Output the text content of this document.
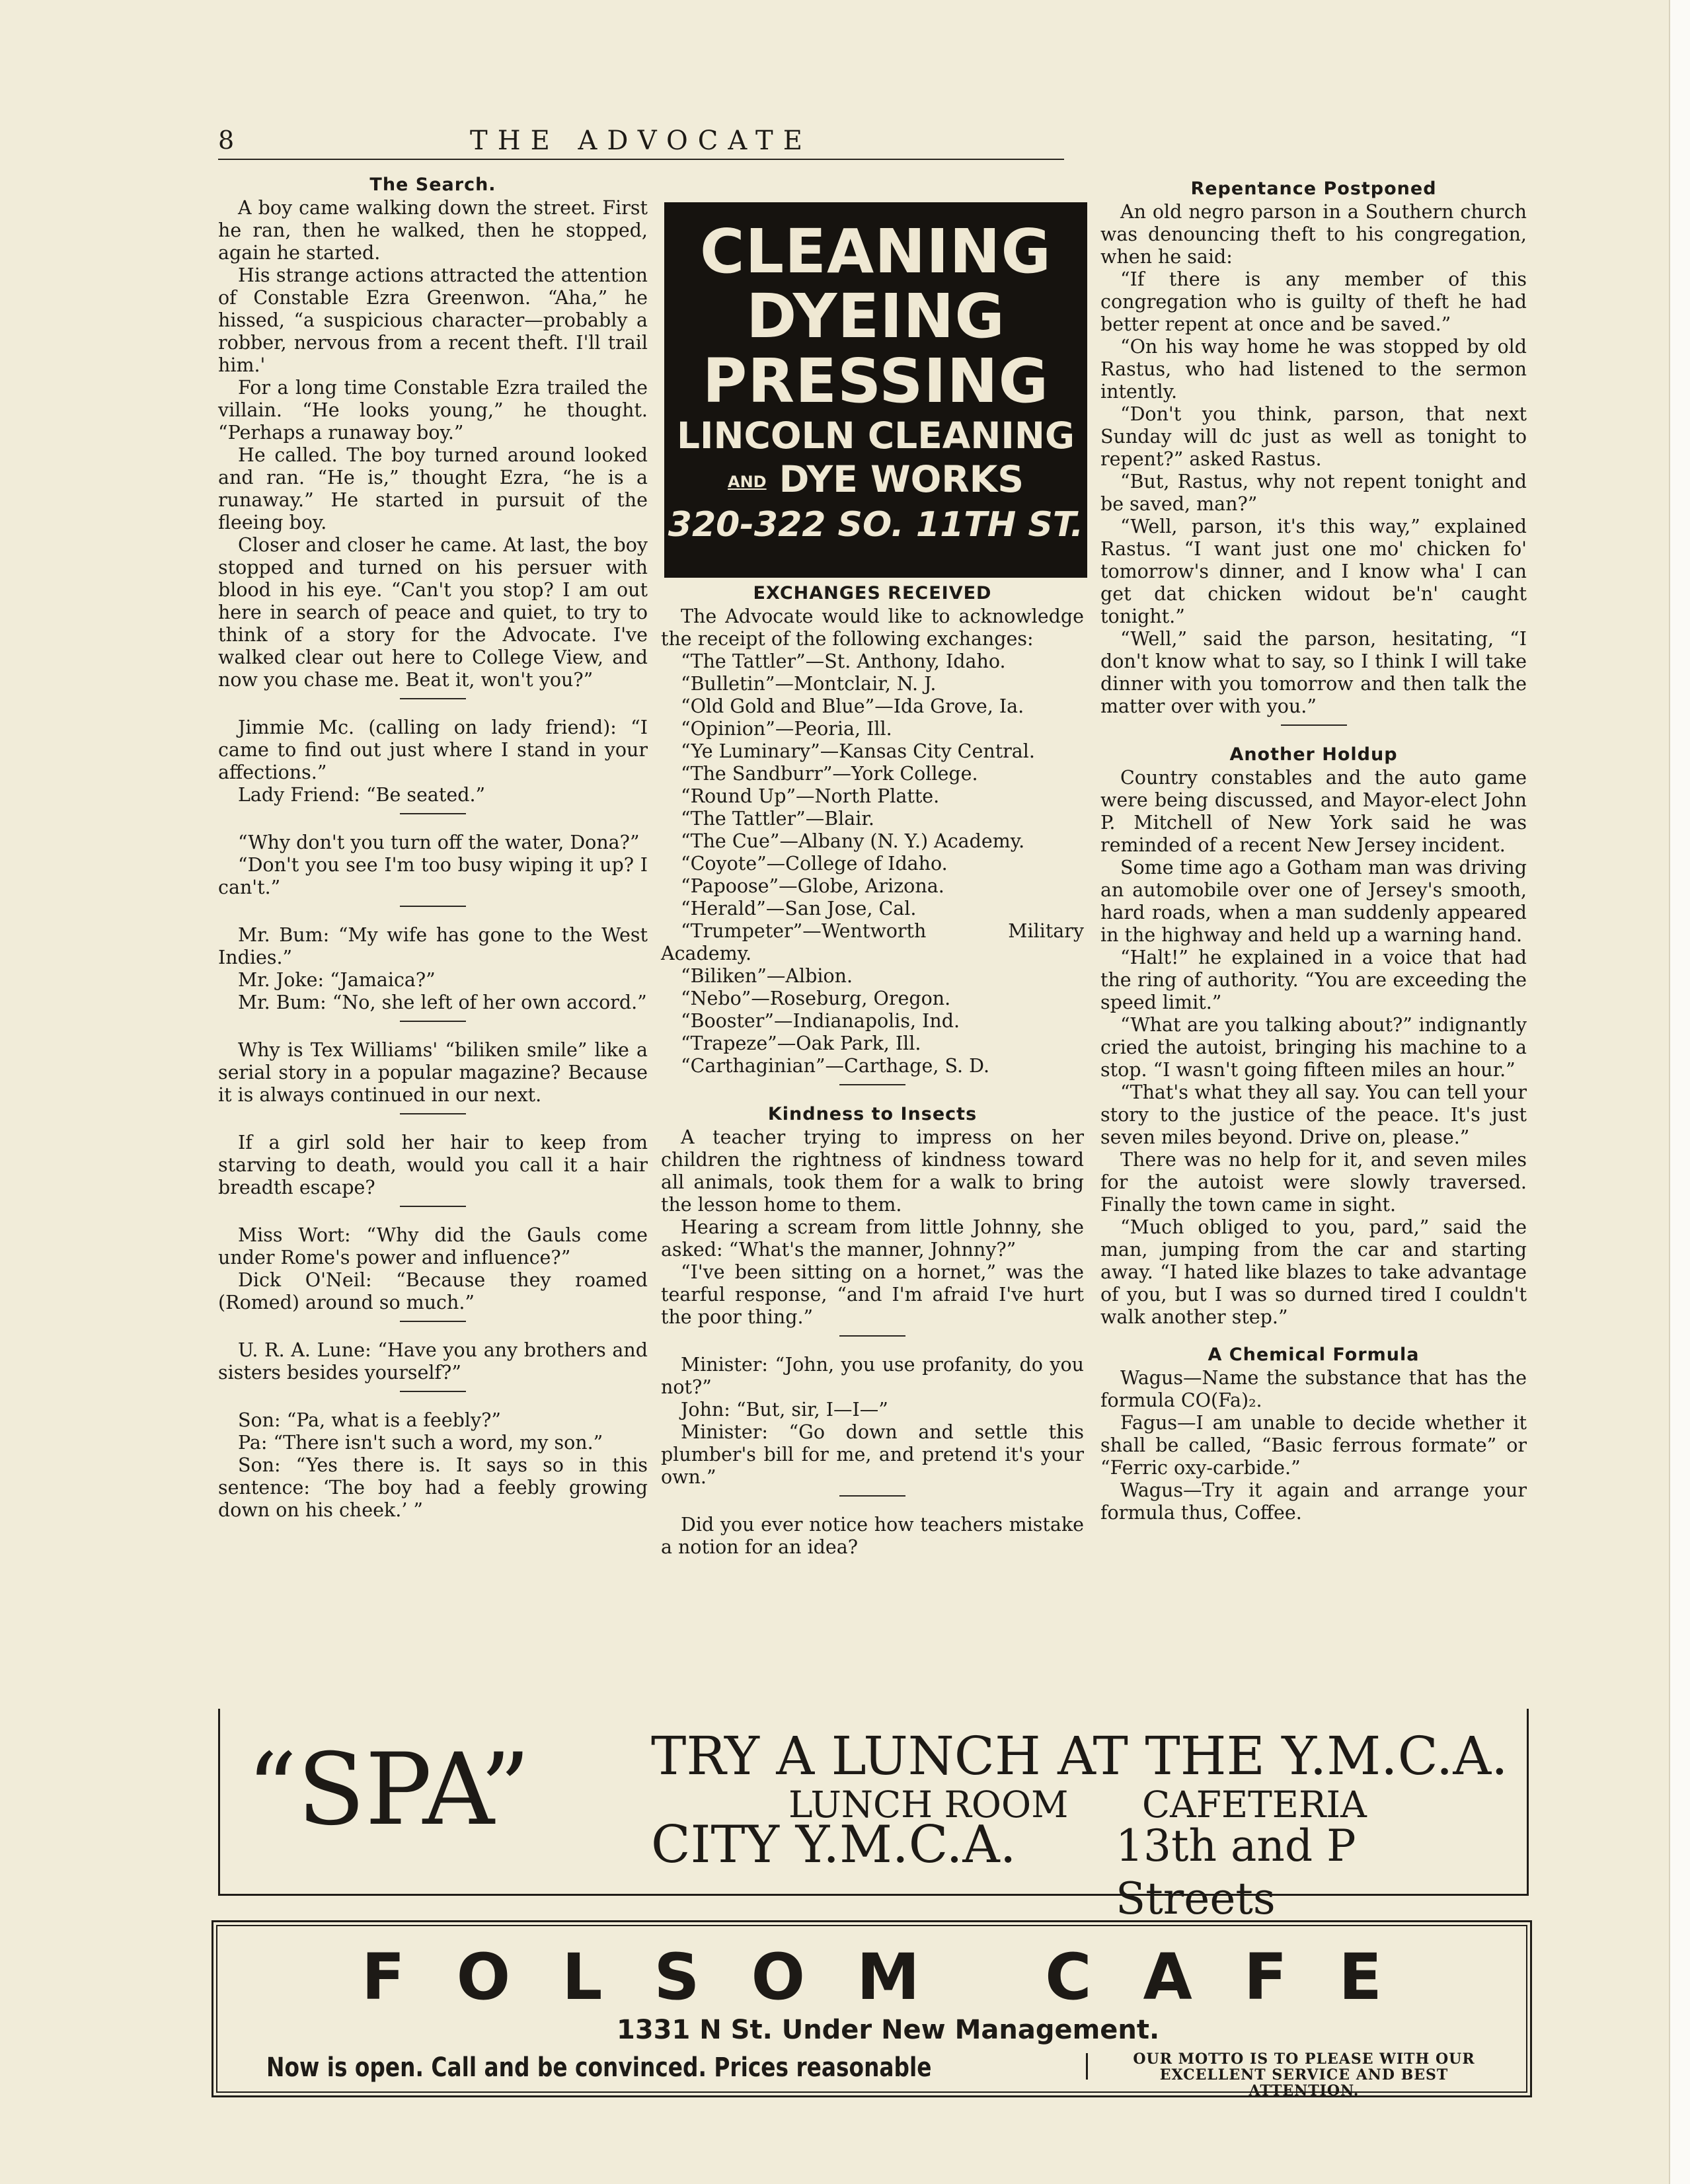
8	THE ADVOCATE
The Search.

A boy came walking down the street. First he ran, then he walked, then he stopped, again he started.

His strange actions attracted the attention of Constable Ezra Greenwon. “Aha,” he hissed, “a suspicious character—probably a robber, nervous from a recent theft. I'll trail him.'

For a long time Constable Ezra trailed the villain. “He looks young,” he thought. “Perhaps a runaway boy.”

He called. The boy turned around looked and ran. “He is,” thought Ezra, “he is a runaway.” He started in pursuit of the fleeing boy.

Closer and closer he came. At last, the boy stopped and turned on his persuer with blood in his eye. “Can't you stop? I am out here in search of peace and quiet, to try to think of a story for the Advocate. I've walked clear out here to College View, and now you chase me. Beat it, won't you?”

Jimmie Mc. (calling on lady friend): “I came to find out just where I stand in your affections.”

Lady Friend: “Be seated.”

“Why don't you turn off the water, Dona?”

“Don't you see I'm too busy wiping it up? I can't.”

Mr. Bum: “My wife has gone to the West Indies.”

Mr. Joke: “Jamaica?”

Mr. Bum: “No, she left of her own accord.”

Why is Tex Williams' “biliken smile” like a serial story in a popular magazine? Because it is always continued in our next.

If a girl sold her hair to keep from starving to death, would you call it a hair breadth escape?

Miss Wort: “Why did the Gauls come under Rome's power and influence?”

Dick O'Neil: “Because they roamed (Romed) around so much.”

U. R. A. Lune: “Have you any brothers and sisters besides yourself?”

Son: “Pa, what is a feebly?”

Pa: “There isn't such a word, my son.”

Son: “Yes there is. It says so in this sentence: ‘The boy had a feebly growing down on his cheek.’ ”

CLEANING
DYEING
PRESSING
LINCOLN CLEANING
AND DYE WORKS
320-322 SO. 11TH ST.
EXCHANGES RECEIVED

The Advocate would like to acknowledge the receipt of the following exchanges:

“The Tattler”—St. Anthony, Idaho.

“Bulletin”—Montclair, N. J.

“Old Gold and Blue”—Ida Grove, Ia.

“Opinion”—Peoria, Ill.

“Ye Luminary”—Kansas City Central.

“The Sandburr”—York College.

“Round Up”—North Platte.

“The Tattler”—Blair.

“The Cue”—Albany (N. Y.) Academy.

“Coyote”—College of Idaho.

“Papoose”—Globe, Arizona.

“Herald”—San Jose, Cal.

“Trumpeter”—Wentworth Military Academy.

“Biliken”—Albion.

“Nebo”—Roseburg, Oregon.

“Booster”—Indianapolis, Ind.

“Trapeze”—Oak Park, Ill.

“Carthaginian”—Carthage, S. D.

Kindness to Insects

A teacher trying to impress on her children the rightness of kindness toward all animals, took them for a walk to bring the lesson home to them.

Hearing a scream from little Johnny, she asked: “What's the manner, Johnny?”

“I've been sitting on a hornet,” was the tearful response, “and I'm afraid I've hurt the poor thing.”

Minister: “John, you use profanity, do you not?”

John: “But, sir, I—I—”

Minister: “Go down and settle this plumber's bill for me, and pretend it's your own.”

Did you ever notice how teachers mistake a notion for an idea?

Repentance Postponed

An old negro parson in a Southern church was denouncing theft to his congregation, when he said:

“If there is any member of this congregation who is guilty of theft he had better repent at once and be saved.”

“On his way home he was stopped by old Rastus, who had listened to the sermon intently.

“Don't you think, parson, that next Sunday will dc just as well as tonight to repent?” asked Rastus.

“But, Rastus, why not repent tonight and be saved, man?”

“Well, parson, it's this way,” explained Rastus. “I want just one mo' chicken fo' tomorrow's dinner, and I know wha' I can get dat chicken widout be'n' caught tonight.”

“Well,” said the parson, hesitating, “I don't know what to say, so I think I will take dinner with you tomorrow and then talk the matter over with you.”

Another Holdup

Country constables and the auto game were being discussed, and Mayor-elect John P. Mitchell of New York said he was reminded of a recent New Jersey incident.

Some time ago a Gotham man was driving an automobile over one of Jersey's smooth, hard roads, when a man suddenly appeared in the highway and held up a warning hand.

“Halt!” he explained in a voice that had the ring of authority. “You are exceeding the speed limit.”

“What are you talking about?” indignantly cried the autoist, bringing his machine to a stop. “I wasn't going fifteen miles an hour.”

“That's what they all say. You can tell your story to the justice of the peace. It's just seven miles beyond. Drive on, please.”

There was no help for it, and seven miles for the autoist were slowly traversed. Finally the town came in sight.

“Much obliged to you, pard,” said the man, jumping from the car and starting away. “I hated like blazes to take advantage of you, but I was so durned tired I couldn't walk another step.”

A Chemical Formula

Wagus—Name the substance that has the formula CO(Fa)₂.

Fagus—I am unable to decide whether it shall be called, “Basic ferrous formate” or “Ferric oxy-carbide.”

Wagus—Try it again and arrange your formula thus, Coffee.

“SPA” TRY A LUNCH AT THE Y.M.C.A.
LUNCH ROOM CAFETERIA
CITY Y.M.C.A. 13th and P Streets
FOLSOM CAFE
1331 N St. Under New Management.
Now is open. Call and be convinced. Prices reasonable	OUR MOTTO IS TO PLEASE WITH OUR EXCELLENT SERVICE AND BEST ATTENTION.
